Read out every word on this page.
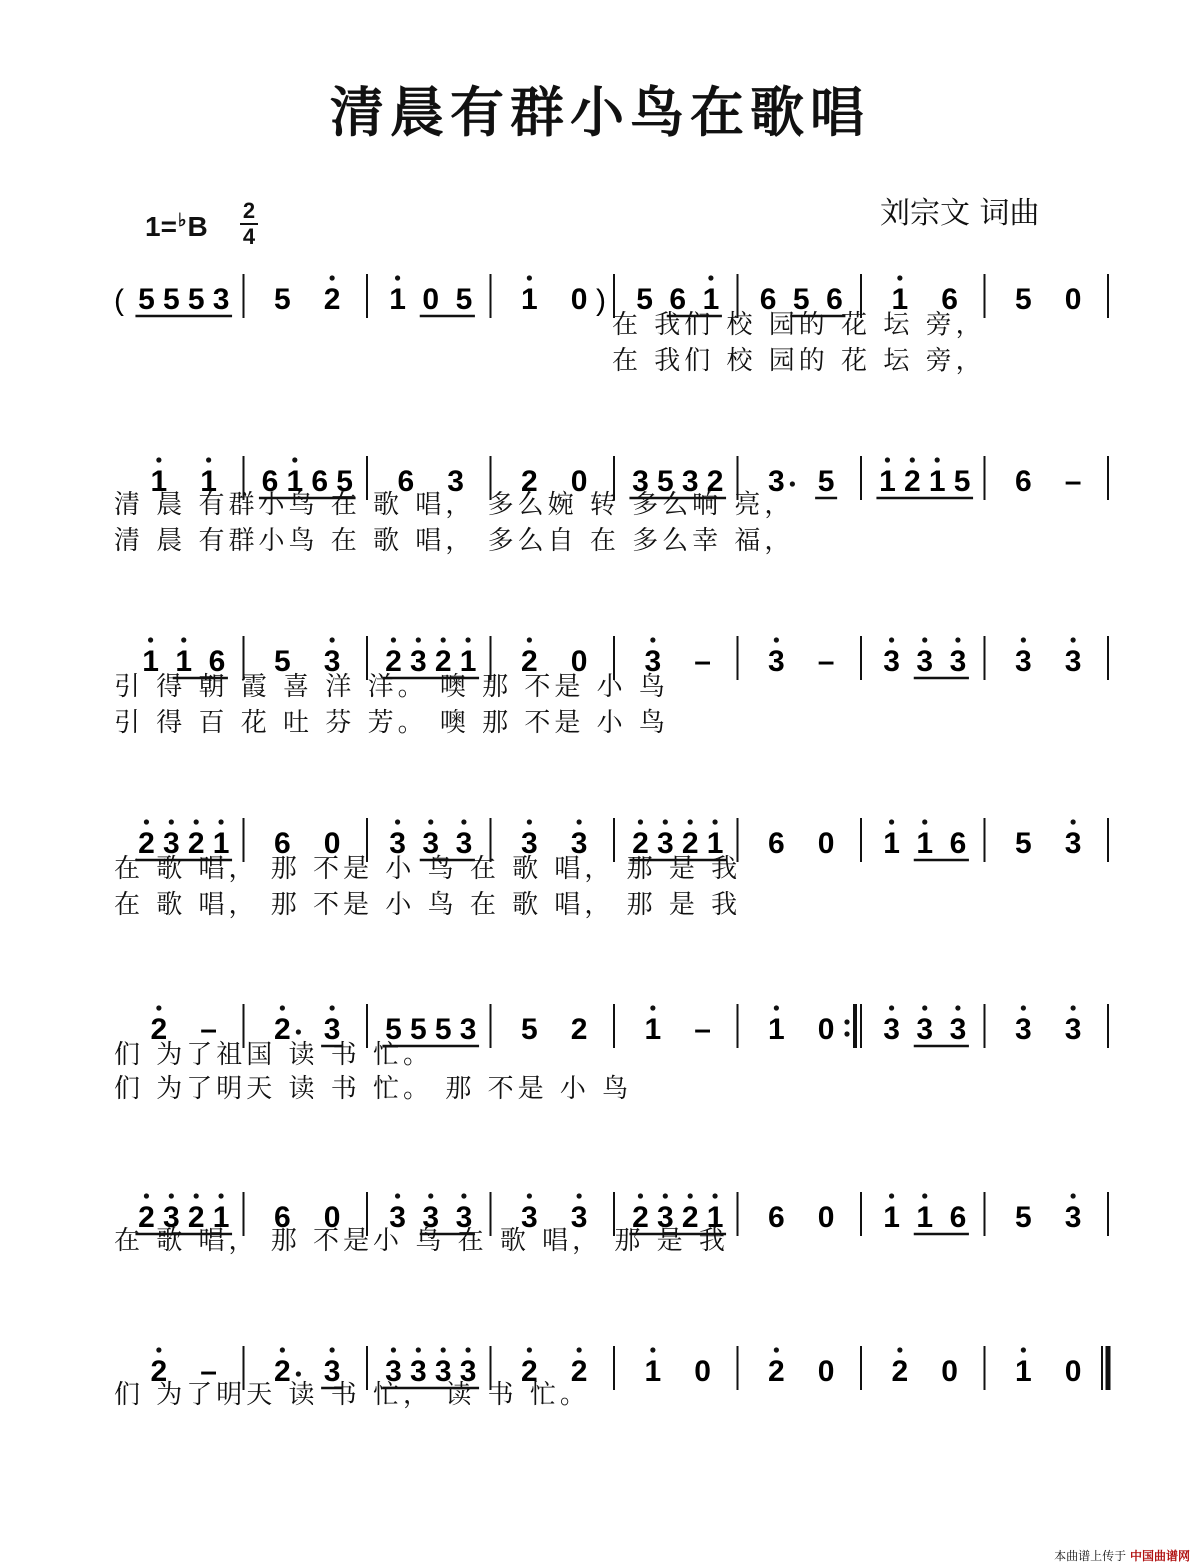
清晨有群小鸟在歌唱
刘宗文 词曲
1=♭B
2
4
( 5 5 5 3 5 2 1 0 5 1 0 ) 5 6 1 6 5 6 1 6 5 0
1 1 6 1 6 5 6 3 2 0 3 5 3 2 3 5 1 2 1 5 6 –
1 1 6 5 3 2 3 2 1 2 0 3 – 3 – 3 3 3 3 3
2 3 2 1 6 0 3 3 3 3 3 2 3 2 1 6 0 1 1 6 5 3
2 – 2 3 5 5 5 3 5 2 1 – 1 0 3 3 3 3 3
2 3 2 1 6 0 3 3 3 3 3 2 3 2 1 6 0 1 1 6 5 3
2 – 2 3 3 3 3 3 2 2 1 0 2 0 2 0 1 0
在 我们 校 园的 花 坛 旁，
在 我们 校 园的 花 坛 旁，
清 晨 有群小鸟 在 歌 唱， 多么婉 转 多么响 亮，
清 晨 有群小鸟 在 歌 唱， 多么自 在 多么幸 福，
引 得 朝 霞 喜 洋 洋。 噢 那 不是 小 鸟
引 得 百 花 吐 芬 芳。 噢 那 不是 小 鸟
在 歌 唱， 那 不是 小 鸟 在 歌 唱， 那 是 我
在 歌 唱， 那 不是 小 鸟 在 歌 唱， 那 是 我
们 为了祖国 读 书 忙。
们 为了明天 读 书 忙。 那 不是 小 鸟
在 歌 唱， 那 不是小 鸟 在 歌 唱， 那 是 我
们 为了明天 读 书 忙， 读 书 忙。
本曲谱上传于 中国曲谱网
